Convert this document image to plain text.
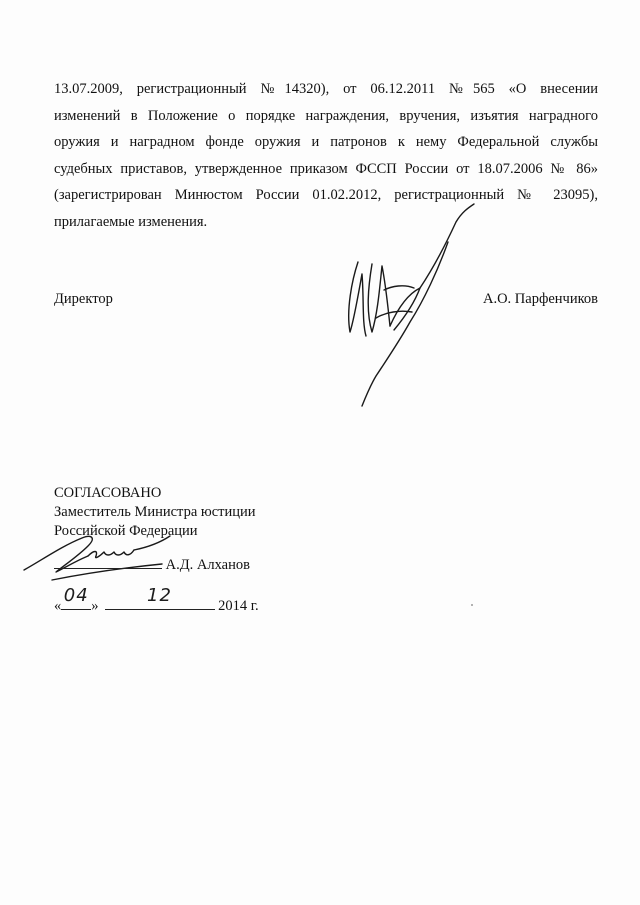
13.07.2009, регистрационный №14320), от 06.12.2011 №565 «О внесении
изменений в Положение о порядке награждения, вручения, изъятия наградного
оружия и наградном фонде оружия и патронов к нему Федеральной службы
судебных приставов, утвержденное приказом ФССП России от 18.07.2006 № 86»
(зарегистрирован Минюстом России 01.02.2012, регистрационный № 23095),
прилагаемые изменения.
Директор	А.О. Парфенчиков
СОГЛАСОВАНО
Заместитель Министра юстиции
Российской Федерации
А.Д. Алханов
« 04 »	12	2014 г.
